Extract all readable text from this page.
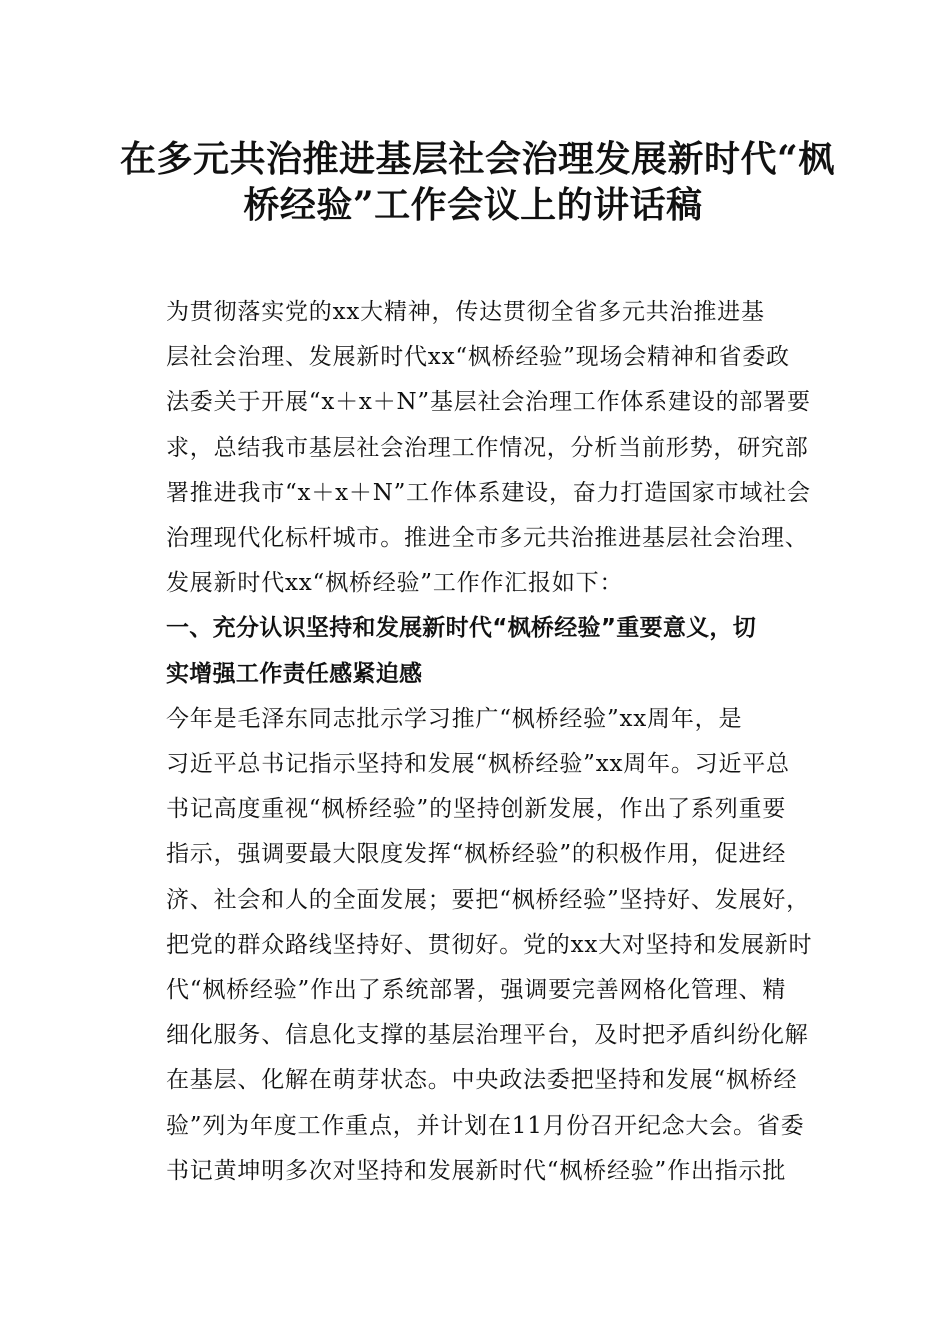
在多元共治推进基层社会治理发展新时代“枫
桥经验”工作会议上的讲话稿

为贯彻落实党的xx大精神，传达贯彻全省多元共治推进基
层社会治理、发展新时代xx“枫桥经验”现场会精神和省委政
法委关于开展“x＋x＋N”基层社会治理工作体系建设的部署要
求，总结我市基层社会治理工作情况，分析当前形势，研究部
署推进我市“x＋x＋N”工作体系建设，奋力打造国家市域社会
治理现代化标杆城市。推进全市多元共治推进基层社会治理、
发展新时代xx“枫桥经验”工作作汇报如下：

一、充分认识坚持和发展新时代“枫桥经验”重要意义，切
实增强工作责任感紧迫感

今年是毛泽东同志批示学习推广“枫桥经验”xx周年，是
习近平总书记指示坚持和发展“枫桥经验”xx周年。习近平总
书记高度重视“枫桥经验”的坚持创新发展，作出了系列重要
指示，强调要最大限度发挥“枫桥经验”的积极作用，促进经
济、社会和人的全面发展；要把“枫桥经验”坚持好、发展好，
把党的群众路线坚持好、贯彻好。党的xx大对坚持和发展新时
代“枫桥经验”作出了系统部署，强调要完善网格化管理、精
细化服务、信息化支撑的基层治理平台，及时把矛盾纠纷化解
在基层、化解在萌芽状态。中央政法委把坚持和发展“枫桥经
验”列为年度工作重点，并计划在11月份召开纪念大会。省委
书记黄坤明多次对坚持和发展新时代“枫桥经验”作出指示批
